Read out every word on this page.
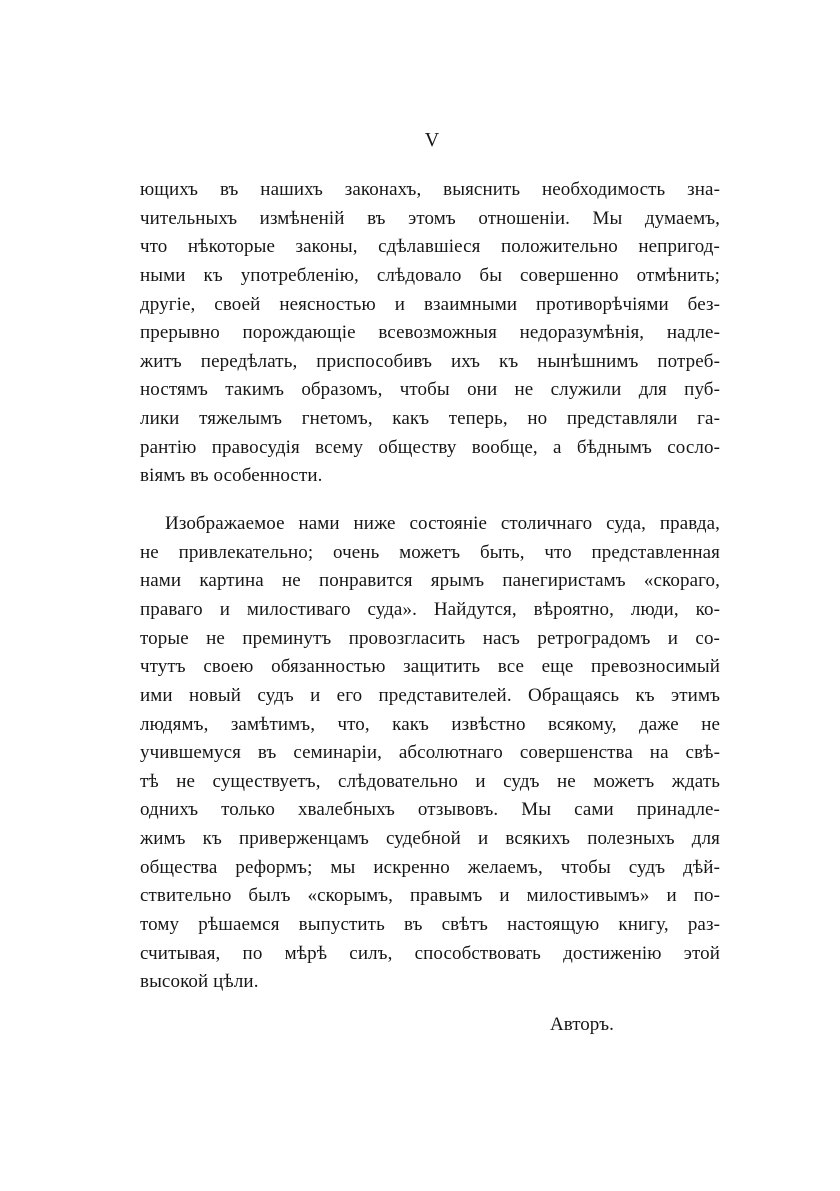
V
ющихъ въ нашихъ законахъ, выяснить необходимость зна-
чительныхъ измѣненій въ этомъ отношеніи. Мы думаемъ,
что нѣкоторые законы, сдѣлавшіеся положительно непригод-
ными къ употребленію, слѣдовало бы совершенно отмѣнить;
другіе, своей неясностью и взаимными противорѣчіями без-
прерывно порождающіе всевозможныя недоразумѣнія, надле-
житъ передѣлать, приспособивъ ихъ къ нынѣшнимъ потреб-
ностямъ такимъ образомъ, чтобы они не служили для пуб-
лики тяжелымъ гнетомъ, какъ теперь, но представляли га-
рантію правосудія всему обществу вообще, а бѣднымъ сосло-
віямъ въ особенности.
Изображаемое нами ниже состояніе столичнаго суда, правда,
не привлекательно; очень можетъ быть, что представленная
нами картина не понравится ярымъ панегиристамъ «скораго,
праваго и милостиваго суда». Найдутся, вѣроятно, люди, ко-
торые не преминутъ провозгласить насъ ретроградомъ и со-
чтутъ своею обязанностью защитить все еще превозносимый
ими новый судъ и его представителей. Обращаясь къ этимъ
людямъ, замѣтимъ, что, какъ извѣстно всякому, даже не
учившемуся въ семинаріи, абсолютнаго совершенства на свѣ-
тѣ не существуетъ, слѣдовательно и судъ не можетъ ждать
однихъ только хвалебныхъ отзывовъ. Мы сами принадле-
жимъ къ приверженцамъ судебной и всякихъ полезныхъ для
общества реформъ; мы искренно желаемъ, чтобы судъ дѣй-
ствительно былъ «скорымъ, правымъ и милостивымъ» и по-
тому рѣшаемся выпустить въ свѣтъ настоящую книгу, раз-
считывая, по мѣрѣ силъ, способствовать достиженію этой
высокой цѣли.
Авторъ.
